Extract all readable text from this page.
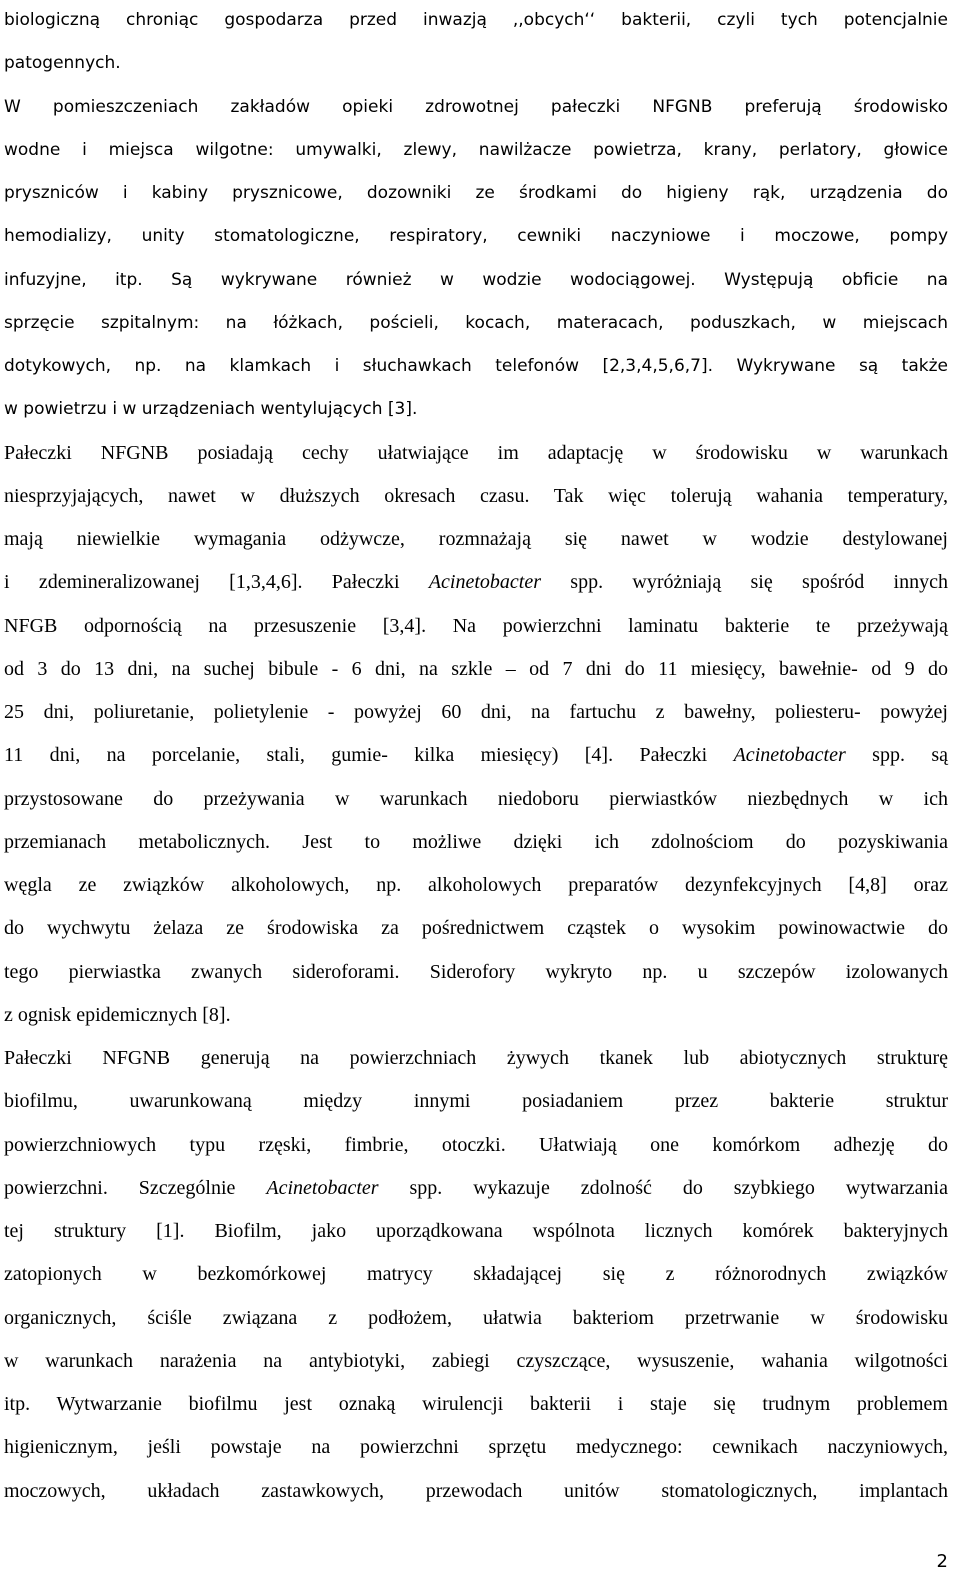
biologiczną chroniąc gospodarza przed inwazją ,,obcych‘‘ bakterii, czyli tych potencjalnie
patogennych.
W pomieszczeniach zakładów opieki zdrowotnej pałeczki NFGNB preferują środowisko
wodne i miejsca wilgotne: umywalki, zlewy, nawilżacze powietrza, krany, perlatory, głowice
pryszniców i kabiny prysznicowe, dozowniki ze środkami do higieny rąk, urządzenia do
hemodializy, unity stomatologiczne, respiratory, cewniki naczyniowe i moczowe, pompy
infuzyjne, itp. Są wykrywane również w wodzie wodociągowej. Występują obficie na
sprzęcie szpitalnym: na łóżkach, pościeli, kocach, materacach, poduszkach, w miejscach
dotykowych, np. na klamkach i słuchawkach telefonów [2,3,4,5,6,7]. Wykrywane są także
w powietrzu i w urządzeniach wentylujących [3].
Pałeczki NFGNB posiadają cechy ułatwiające im adaptację w środowisku w warunkach
niesprzyjających, nawet w dłuższych okresach czasu. Tak więc tolerują wahania temperatury,
mają niewielkie wymagania odżywcze, rozmnażają się nawet w wodzie destylowanej
i zdemineralizowanej [1,3,4,6]. Pałeczki Acinetobacter spp. wyróżniają się spośród innych
NFGB odpornością na przesuszenie [3,4]. Na powierzchni laminatu bakterie te przeżywają
od 3 do 13 dni, na suchej bibule - 6 dni, na szkle – od 7 dni do 11 miesięcy, bawełnie- od 9 do
25 dni, poliuretanie, polietylenie - powyżej 60 dni, na fartuchu z bawełny, poliesteru- powyżej
11 dni, na porcelanie, stali, gumie- kilka miesięcy) [4]. Pałeczki Acinetobacter spp. są
przystosowane do przeżywania w warunkach niedoboru pierwiastków niezbędnych w ich
przemianach metabolicznych. Jest to możliwe dzięki ich zdolnościom do pozyskiwania
węgla ze związków alkoholowych, np. alkoholowych preparatów dezynfekcyjnych [4,8] oraz
do wychwytu żelaza ze środowiska za pośrednictwem cząstek o wysokim powinowactwie do
tego pierwiastka zwanych sideroforami. Siderofory wykryto np. u szczepów izolowanych
z ognisk epidemicznych [8].
Pałeczki NFGNB generują na powierzchniach żywych tkanek lub abiotycznych strukturę
biofilmu, uwarunkowaną między innymi posiadaniem przez bakterie struktur
powierzchniowych typu rzęski, fimbrie, otoczki. Ułatwiają one komórkom adhezję do
powierzchni. Szczególnie Acinetobacter spp. wykazuje zdolność do szybkiego wytwarzania
tej struktury [1]. Biofilm, jako uporządkowana wspólnota licznych komórek bakteryjnych
zatopionych w bezkomórkowej matrycy składającej się z różnorodnych związków
organicznych, ściśle związana z podłożem, ułatwia bakteriom przetrwanie w środowisku
w warunkach narażenia na antybiotyki, zabiegi czyszczące, wysuszenie, wahania wilgotności
itp. Wytwarzanie biofilmu jest oznaką wirulencji bakterii i staje się trudnym problemem
higienicznym, jeśli powstaje na powierzchni sprzętu medycznego: cewnikach naczyniowych,
moczowych, układach zastawkowych, przewodach unitów stomatologicznych, implantach
2
